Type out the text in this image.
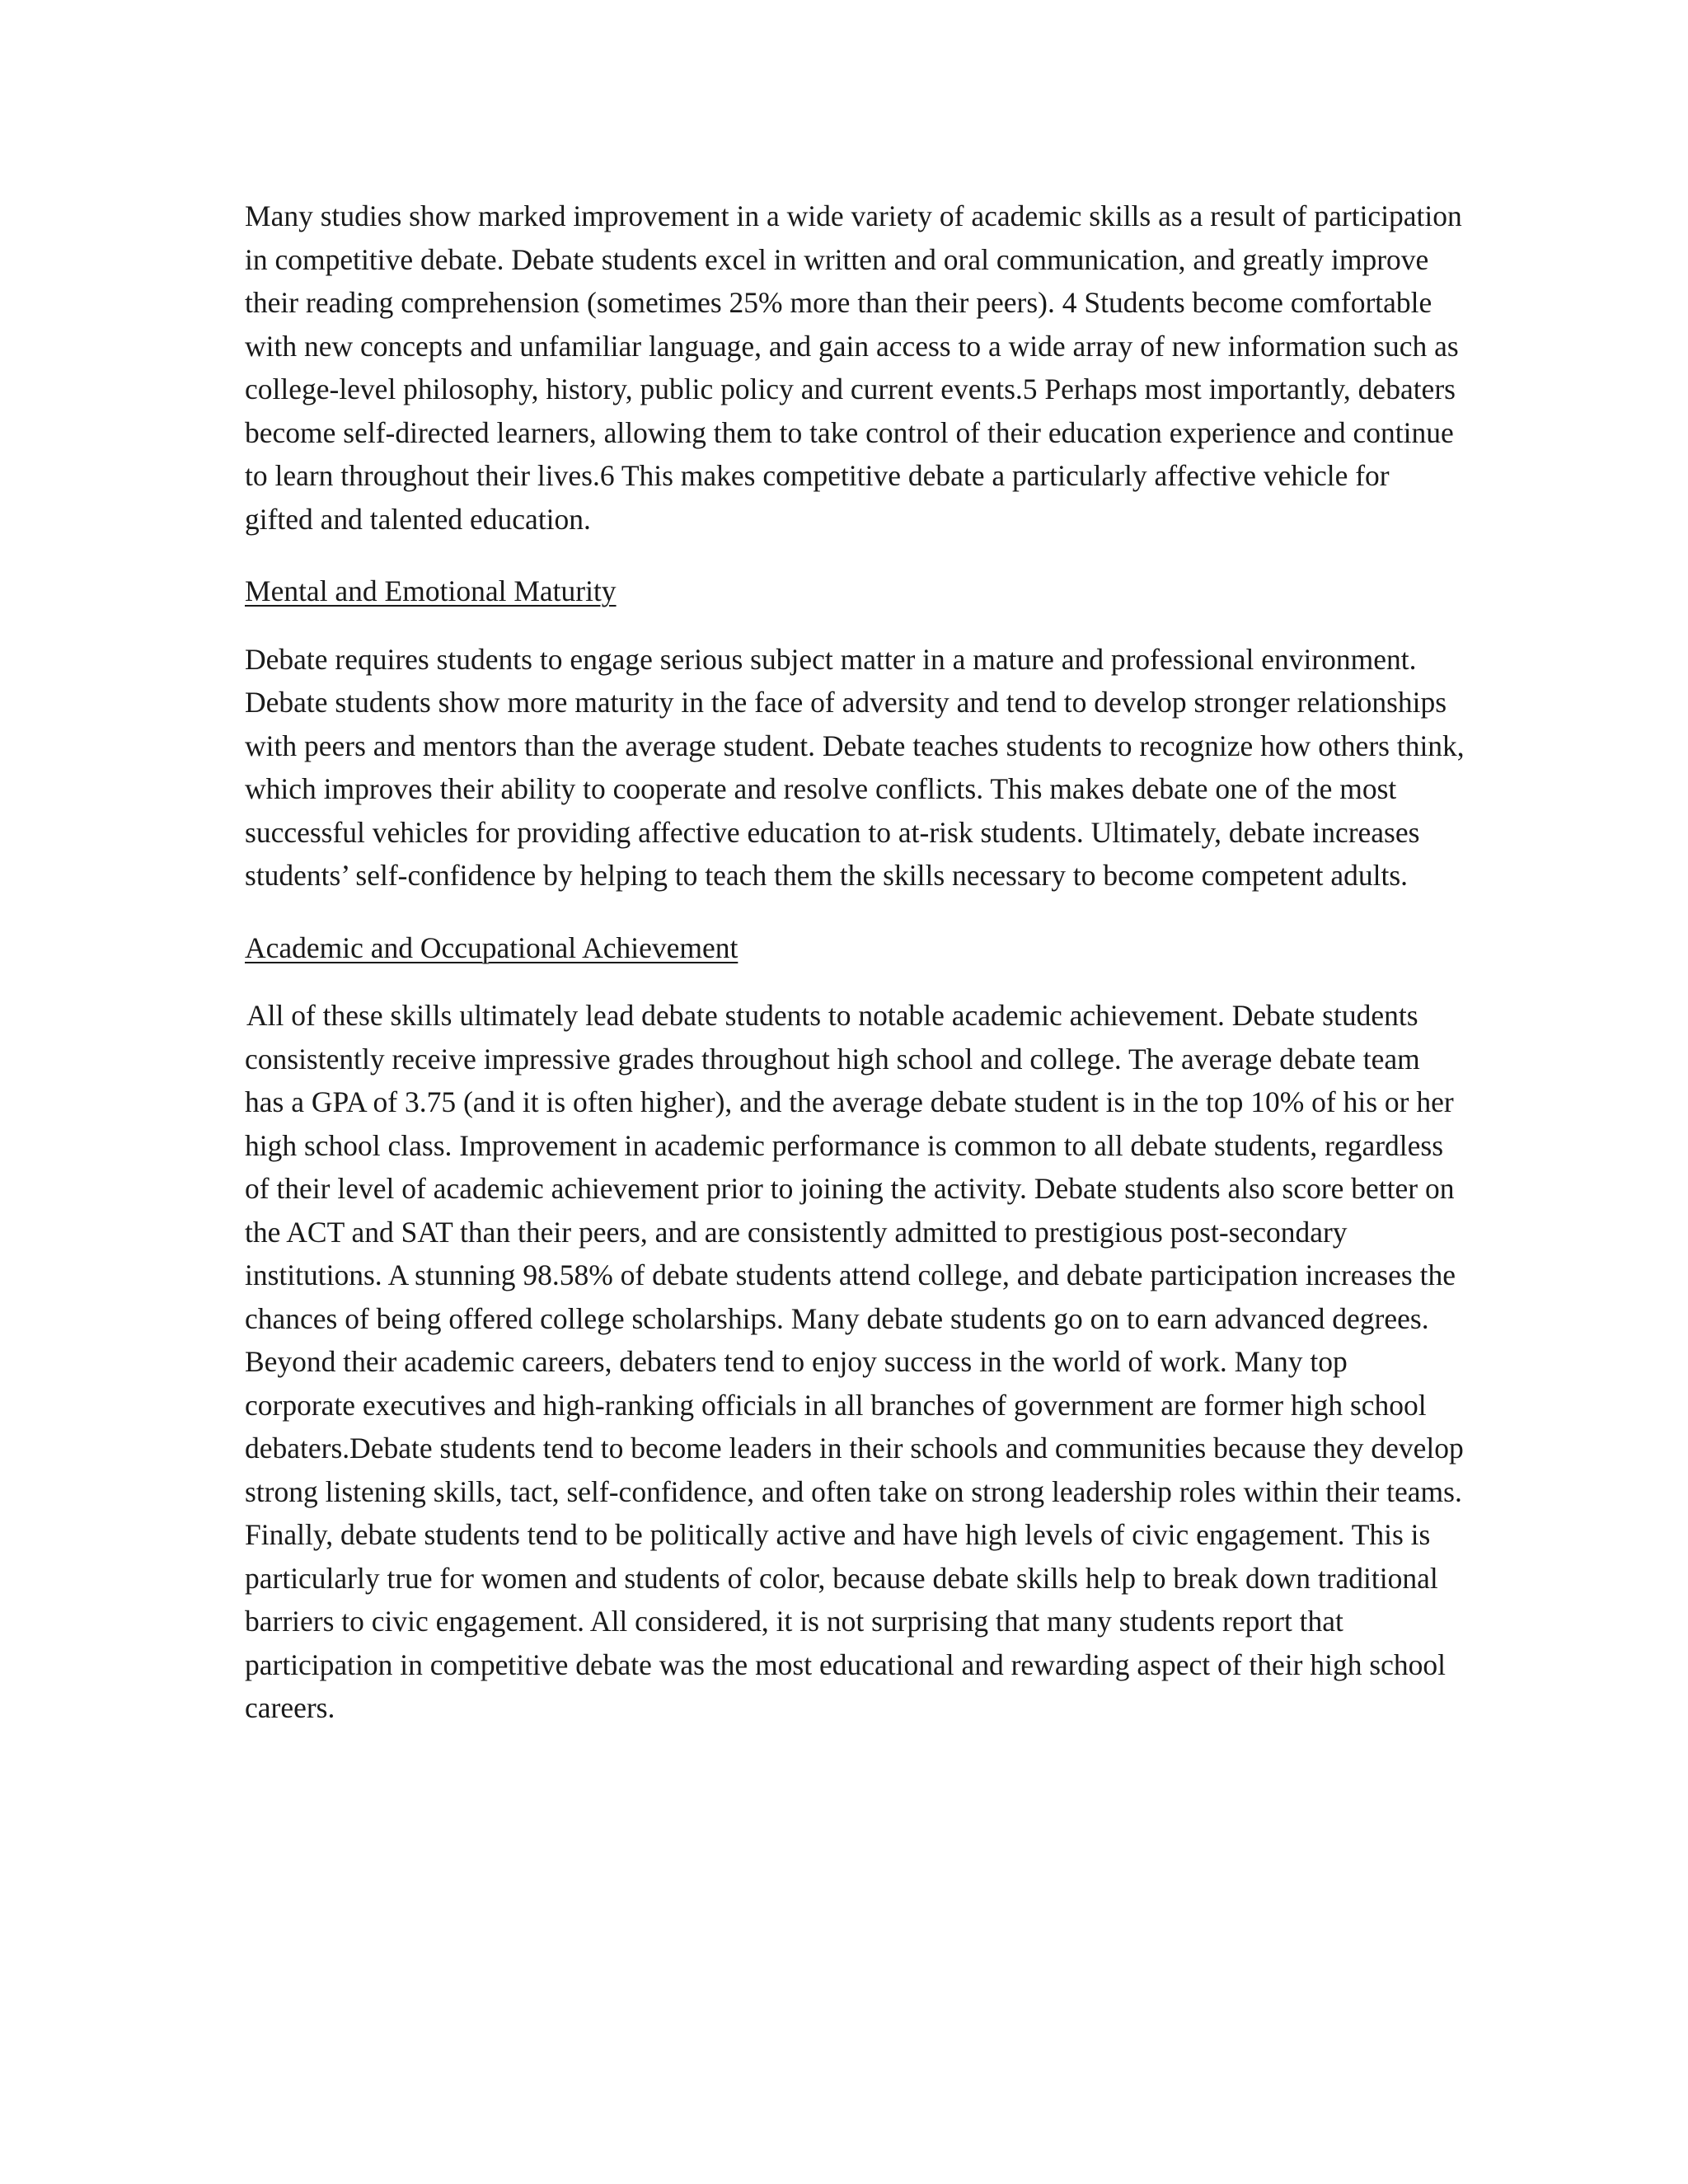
Many studies show marked improvement in a wide variety of academic skills as a result of participation in competitive debate. Debate students excel in written and oral communication, and greatly improve their reading comprehension (sometimes 25% more than their peers). 4 Students become comfortable with new concepts and unfamiliar language, and gain access to a wide array of new information such as college-level philosophy, history, public policy and current events.5 Perhaps most importantly, debaters become self-directed learners, allowing them to take control of their education experience and continue to learn throughout their lives.6 This makes competitive debate a particularly affective vehicle for gifted and talented education.

Mental and Emotional Maturity

Debate requires students to engage serious subject matter in a mature and professional environment. Debate students show more maturity in the face of adversity and tend to develop stronger relationships with peers and mentors than the average student. Debate teaches students to recognize how others think, which improves their ability to cooperate and resolve conflicts. This makes debate one of the most successful vehicles for providing affective education to at-risk students. Ultimately, debate increases students’ self-confidence by helping to teach them the skills necessary to become competent adults.

Academic and Occupational Achievement

All of these skills ultimately lead debate students to notable academic achievement. Debate students consistently receive impressive grades throughout high school and college. The average debate team has a GPA of 3.75 (and it is often higher), and the average debate student is in the top 10% of his or her high school class. Improvement in academic performance is common to all debate students, regardless of their level of academic achievement prior to joining the activity. Debate students also score better on the ACT and SAT than their peers, and are consistently admitted to prestigious post-secondary institutions. A stunning 98.58% of debate students attend college, and debate participation increases the chances of being offered college scholarships. Many debate students go on to earn advanced degrees. Beyond their academic careers, debaters tend to enjoy success in the world of work. Many top corporate executives and high-ranking officials in all branches of government are former high school debaters.Debate students tend to become leaders in their schools and communities because they develop strong listening skills, tact, self-confidence, and often take on strong leadership roles within their teams. Finally, debate students tend to be politically active and have high levels of civic engagement. This is particularly true for women and students of color, because debate skills help to break down traditional barriers to civic engagement. All considered, it is not surprising that many students report that participation in competitive debate was the most educational and rewarding aspect of their high school careers.
